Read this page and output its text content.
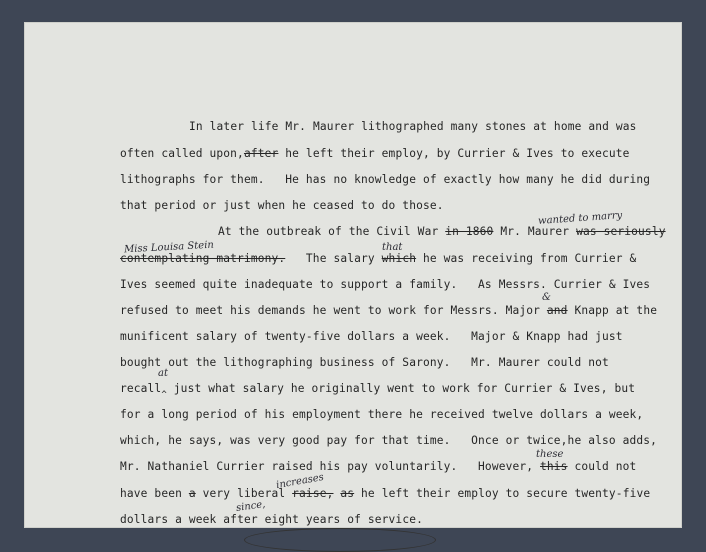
In later life Mr. Maurer lithographed many stones at home and was
often called upon,after he left their employ, by Currier & Ives to execute
lithographs for them.   He has no knowledge of exactly how many he did during
that period or just when he ceased to do those.
At the outbreak of the Civil War in 1860 Mr. Maurer was seriously
contemplating matrimony.   The salary which he was receiving from Currier &
Ives seemed quite inadequate to support a family.   As Messrs. Currier & Ives
refused to meet his demands he went to work for Messrs. Major and Knapp at the
munificent salary of twenty-five dollars a week.   Major & Knapp had just
bought out the lithographing business of Sarony.   Mr. Maurer could not
recall$_{\^{}}$ just what salary he originally went to work for Currier & Ives, but
for a long period of his employment there he received twelve dollars a week,
which, he says, was very good pay for that time.   Once or twice,he also adds,
Mr. Nathaniel Currier raised his pay voluntarily.   However, this could not
have been a very liberal raise, as he left their employ to secure twenty-five
dollars a week after eight years of service.
wanted to marry
Miss Louisa Stein	that
&
at
these
increases
since,
